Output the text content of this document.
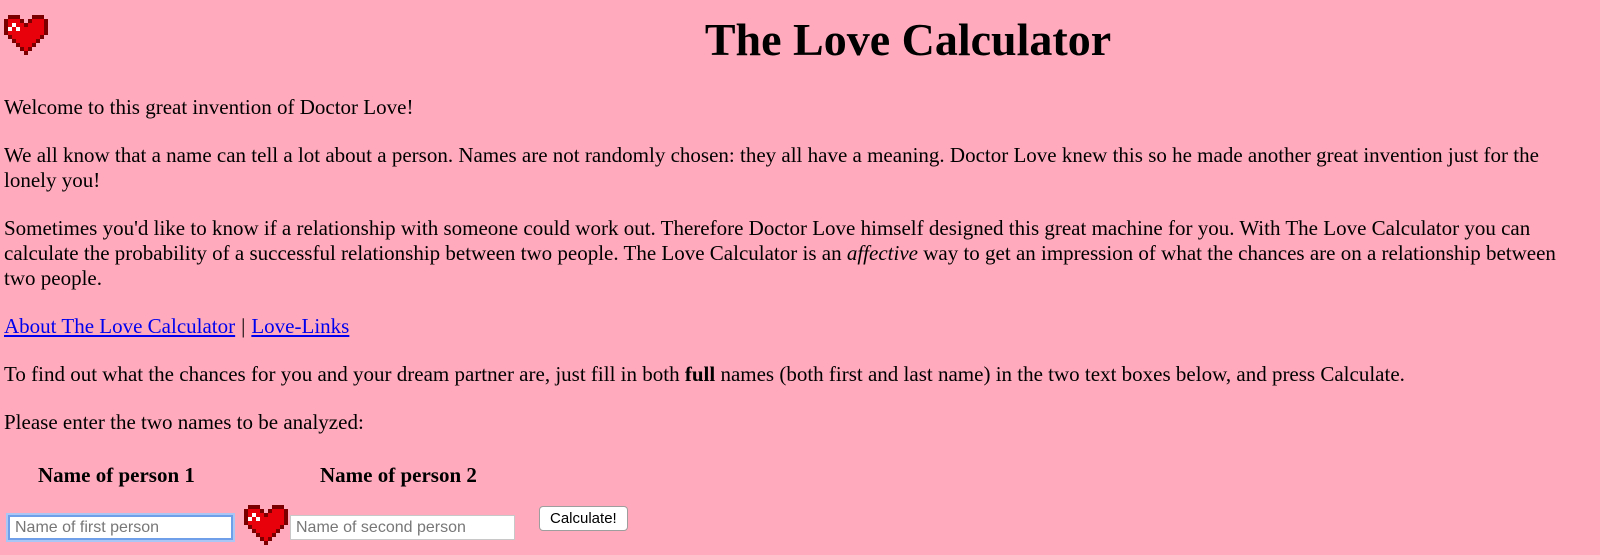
The Love Calculator

Welcome to this great invention of Doctor Love!

We all know that a name can tell a lot about a person. Names are not randomly chosen: they all have a meaning. Doctor Love knew this so he made another great invention just for the lonely you!

Sometimes you'd like to know if a relationship with someone could work out. Therefore Doctor Love himself designed this great machine for you. With The Love Calculator you can calculate the probability of a successful relationship between two people. The Love Calculator is an affective way to get an impression of what the chances are on a relationship between two people.

About The Love Calculator | Love-Links

To find out what the chances for you and your dream partner are, just fill in both full names (both first and last name) in the two text boxes below, and press Calculate.

Please enter the two names to be analyzed:

Name of person 1	Name of person 2
Name of first person
Name of second person
Calculate!
